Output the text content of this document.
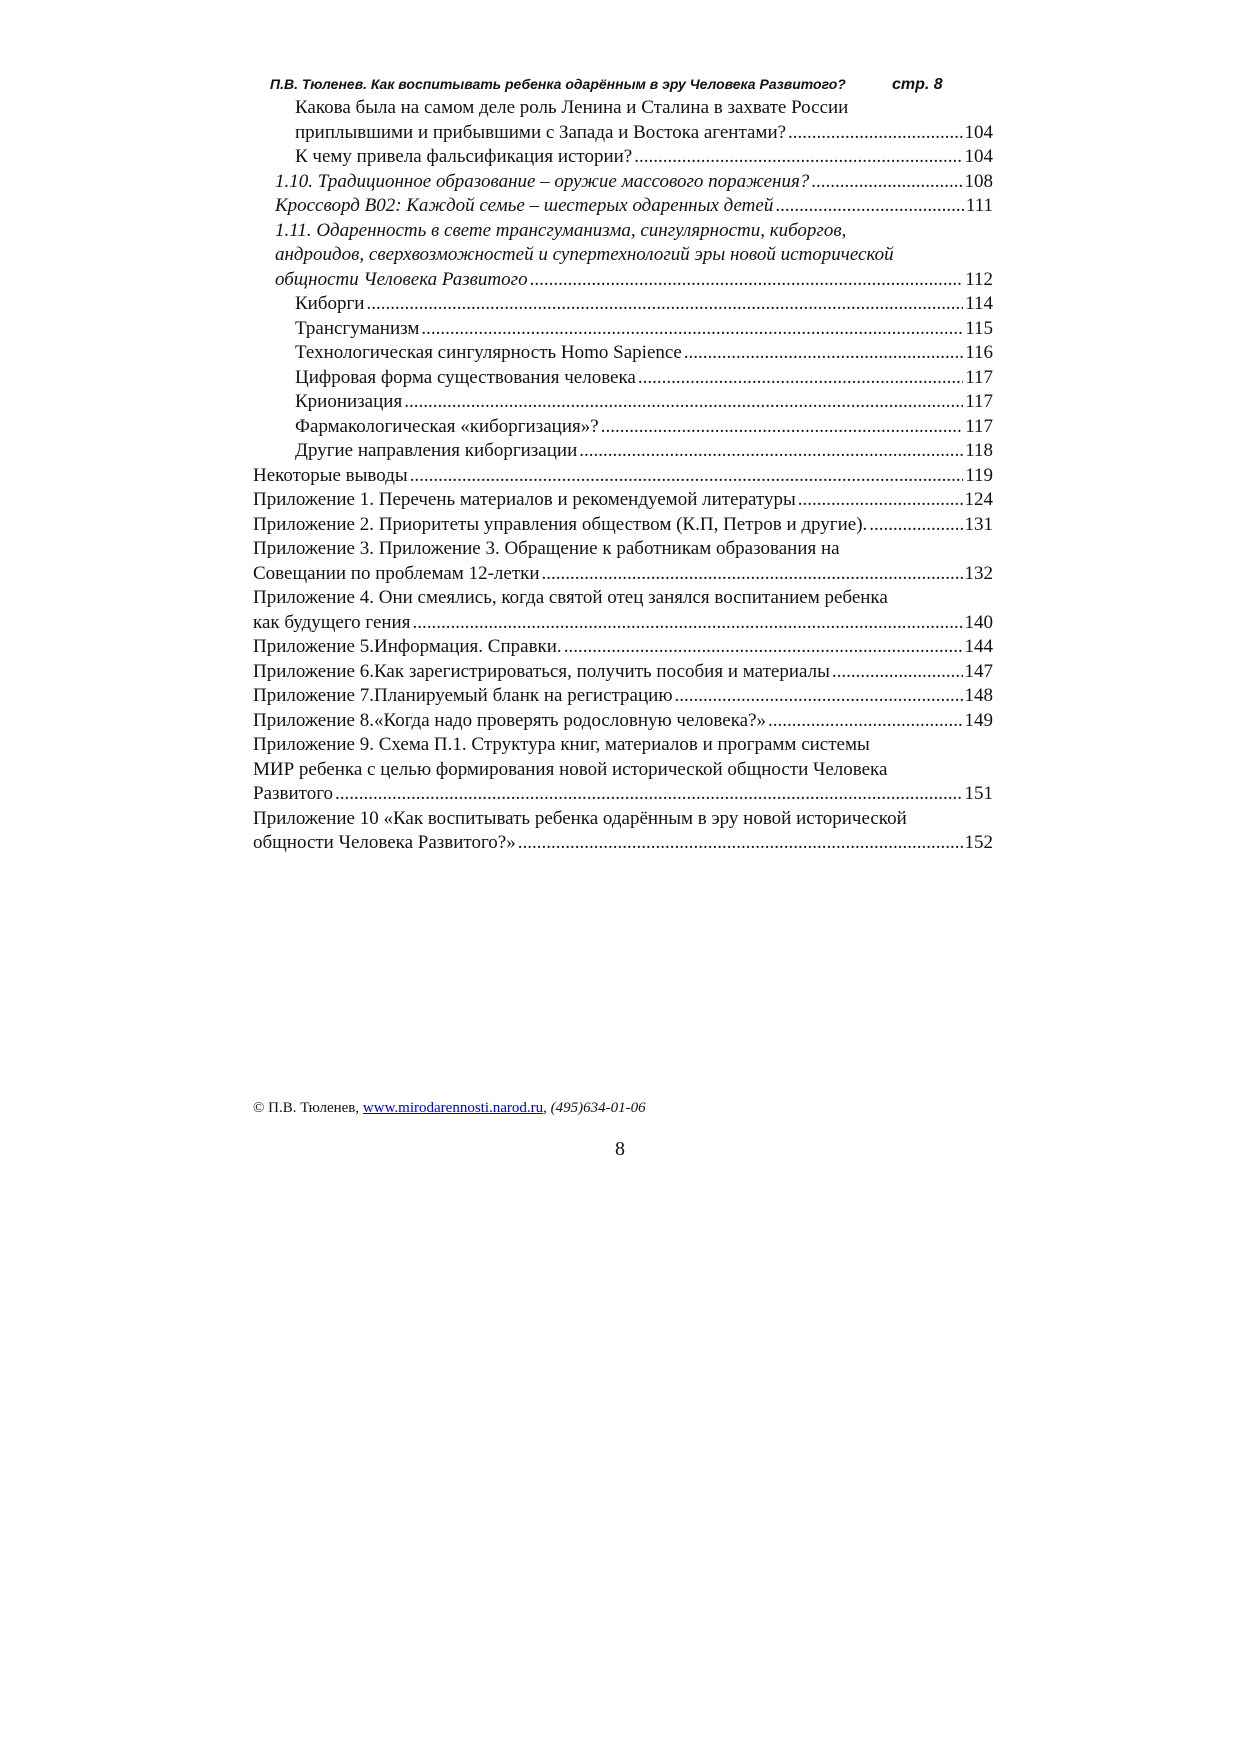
П.В. Тюленев. Как воспитывать ребенка одарённым в эру Человека Развитого?	стр. 8
Какова была на самом деле роль Ленина и Сталина в захвате России
приплывшими и прибывшими с Запада и Востока агентами? .....	104
К чему привела фальсификация истории? .....	104
1.10. Традиционное образование – оружие массового поражения? .....	108
Кроссворд В02: Каждой семье – шестерых одаренных детей .....	111
1.11. Одаренность в свете трансгуманизма, сингулярности, киборгов,
андроидов, сверхвозможностей и супертехнологий эры новой исторической
общности Человека Развитого .....	112
Киборги .....	114
Трансгуманизм .....	115
Технологическая сингулярность Homo Sapience .....	116
Цифровая форма существования человека .....	117
Крионизация .....	117
Фармакологическая «киборгизация»? .....	117
Другие направления киборгизации .....	118
Некоторые выводы .....	119
Приложение 1. Перечень материалов и рекомендуемой литературы .....	124
Приложение 2. Приоритеты управления обществом (К.П, Петров и другие). .....	131
Приложение 3. Приложение 3. Обращение к работникам образования на
Совещании по проблемам 12-летки .....	132
Приложение 4. Они смеялись, когда святой отец занялся воспитанием ребенка
как будущего гения .....	140
Приложение 5.Информация. Справки. .....	144
Приложение 6.Как зарегистрироваться, получить пособия и материалы .....	147
Приложение 7.Планируемый бланк на регистрацию .....	148
Приложение 8.«Когда надо проверять родословную человека?» .....	149
Приложение 9. Схема П.1. Структура книг, материалов и программ системы
МИР ребенка с целью формирования новой исторической общности Человека
Развитого .....	151
Приложение 10 «Как воспитывать ребенка одарённым в эру новой исторической
общности Человека Развитого?» .....	152
© П.В. Тюленев, www.mirodarennosti.narod.ru, (495)634-01-06
8
